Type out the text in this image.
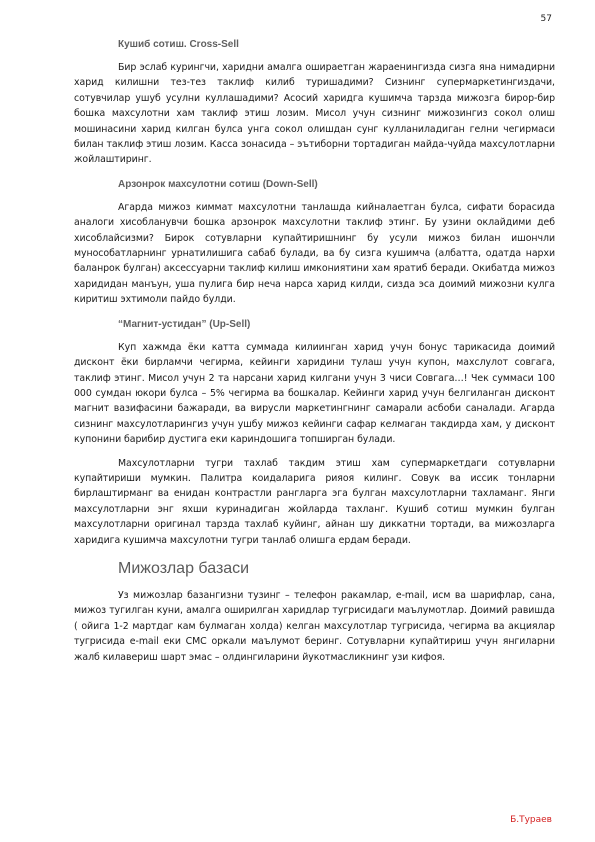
57
Кушиб сотиш. Cross-Sell

Бир эслаб курингчи, харидни амалга оширaетган жараенингизда сизга яна нимадирни харид килишни тез-тез таклиф килиб туришадими? Сизнинг супермаркетингиздачи, сотувчилар ушуб усулни куллашадими? Асосий харидга кушимча тарзда мижозга бирор-бир бошка махсулотни хам таклиф этиш лозим. Мисол учун сизнинг мижозингиз сокол олиш мошинасини харид килган булса унга сокол олишдан сунг кулланиладиган гелни чегирмаси билан таклиф этиш лозим. Касса зонасида – эътиборни тортадиган майда-чуйда махсулотларни жойлаштиринг.

Арзонрок махсулотни сотиш (Down-Sell)

Агарда мижоз киммат махсулотни танлашда кийналаетган булса, сифати борасида аналоги хисобланувчи бошка арзонрок махсулотни таклиф этинг. Бу узини оклайдими деб хисоблайсизми? Бирок сотувларни купайтиришнинг бу усули мижоз билан ишончли мунособатларнинг урнатилишига сабаб булади, ва бу сизга кушимча (албатта, одатда нархи баланрок булган) аксессуарни таклиф килиш имкониятини хам яратиб беради. Окибатда мижоз харидидан манъун, уша пулига бир неча нарса харид килди, сизда эса доимий мижозни кулга киритиш эхтимоли пайдо булди.

“Магнит-устидан” (Up-Sell)

Куп хажмда ёки катта суммада килиинган харид учун бонус тарикасида доимий дисконт ёки бирламчи чегирма, кейинги харидини тулаш учун купон, махслулот совгага, таклиф этинг. Мисол учун 2 та нарсани харид килгани учун 3 чиси Совгага…! Чек суммаси 100 000 сумдан юкори булса – 5% чегирма ва бошкалар. Кейинги харид учун белгиланган дисконт магнит вазифасини бажаради, ва вирусли маркетингнинг самарали асбоби саналади. Агарда сизнинг махсулотларингиз учун ушбу мижоз кейинги сафар келмаган такдирда хам, у дисконт купонини барибир дустига еки кариндошига топширган булади.

Махсулотларни тугри тахлаб такдим этиш хам супермаркетдаги сотувларни купайтириши мумкин. Палитра коидаларига рияоя килинг. Совук ва иссик тонларни бирлаштирманг ва енидан контрастли рангларга эга булган махсулотларни тахламанг. Янги махсулотларни энг яхши куринадиган жойларда тахланг. Кушиб сотиш мумкин булган махсулотларни оригинал тарзда тахлаб куйинг, айнан шу диккатни тортади, ва мижозларга харидига кушимча махсулотни тугри танлаб олишга ердам беради.

Мижозлар базаси

Уз мижозлар базангизни тузинг – телефон ракамлар, e-mail, исм ва шарифлар, сана, мижоз тугилган куни, амалга оширилган харидлар тугрисидаги маълумотлар. Доимий равишда ( ойига 1-2 мартдаг кам булмаган холда) келган махсулотлар тугрисида, чегирма ва акциялар тугрисида e-mail еки СМС оркали маълумот беринг. Сотувларни купайтириш учун янгиларни жалб килавериш шарт эмас – олдингиларини йукотмасликнинг узи кифоя.

Б.Тураев
